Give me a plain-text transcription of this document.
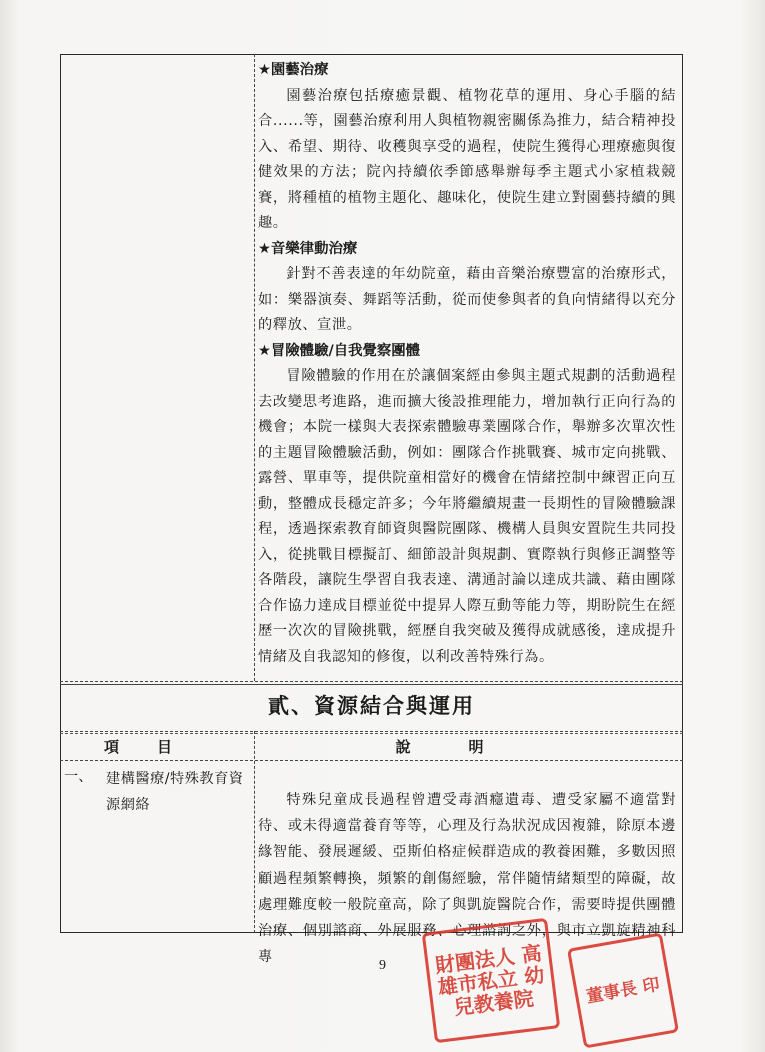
★園藝治療

園藝治療包括療癒景觀、植物花草的運用、身心手腦的結合......等，園藝治療利用人與植物親密關係為推力，結合精神投入、希望、期待、收穫與享受的過程，使院生獲得心理療癒與復健效果的方法；院內持續依季節感舉辦每季主題式小家植栽競賽，將種植的植物主題化、趣味化，使院生建立對園藝持續的興趣。

★音樂律動治療

針對不善表達的年幼院童，藉由音樂治療豐富的治療形式，如：樂器演奏、舞蹈等活動，從而使參與者的負向情緒得以充分的釋放、宣泄。

★冒險體驗/自我覺察團體

冒險體驗的作用在於讓個案經由參與主題式規劃的活動過程去改變思考進路，進而擴大後設推理能力，增加執行正向行為的機會；本院一樣與大表探索體驗專業團隊合作，舉辦多次單次性的主題冒險體驗活動，例如：團隊合作挑戰賽、城市定向挑戰、露營、單車等，提供院童相當好的機會在情緒控制中練習正向互動，整體成長穩定許多；今年將繼續規畫一長期性的冒險體驗課程，透過探索教育師資與醫院團隊、機構人員與安置院生共同投入，從挑戰目標擬訂、細節設計與規劃、實際執行與修正調整等各階段，讓院生學習自我表達、溝通討論以達成共識、藉由團隊合作協力達成目標並從中提昇人際互動等能力等，期盼院生在經歷一次次的冒險挑戰，經歷自我突破及獲得成就感後，達成提升情緒及自我認知的修復，以利改善特殊行為。

貳、資源結合與運用
項目	說明
一、 建構醫療/特殊教育資源網絡	特殊兒童成長過程曾遭受毒酒癮遺毒、遭受家屬不適當對待、或未得適當養育等等，心理及行為狀況成因複雜，除原本邊緣智能、發展遲緩、亞斯伯格症候群造成的教養困難，多數因照顧過程頻繁轉換，頻繁的創傷經驗，常伴隨情緒類型的障礙，故處理難度較一般院童高，除了與凱旋醫院合作，需要時提供團體治療、個別諮商、外展服務、心理諮詢之外，與市立凱旋精神科專
9	財團法人 高雄市私立 幼兒教養院	董事長 印
